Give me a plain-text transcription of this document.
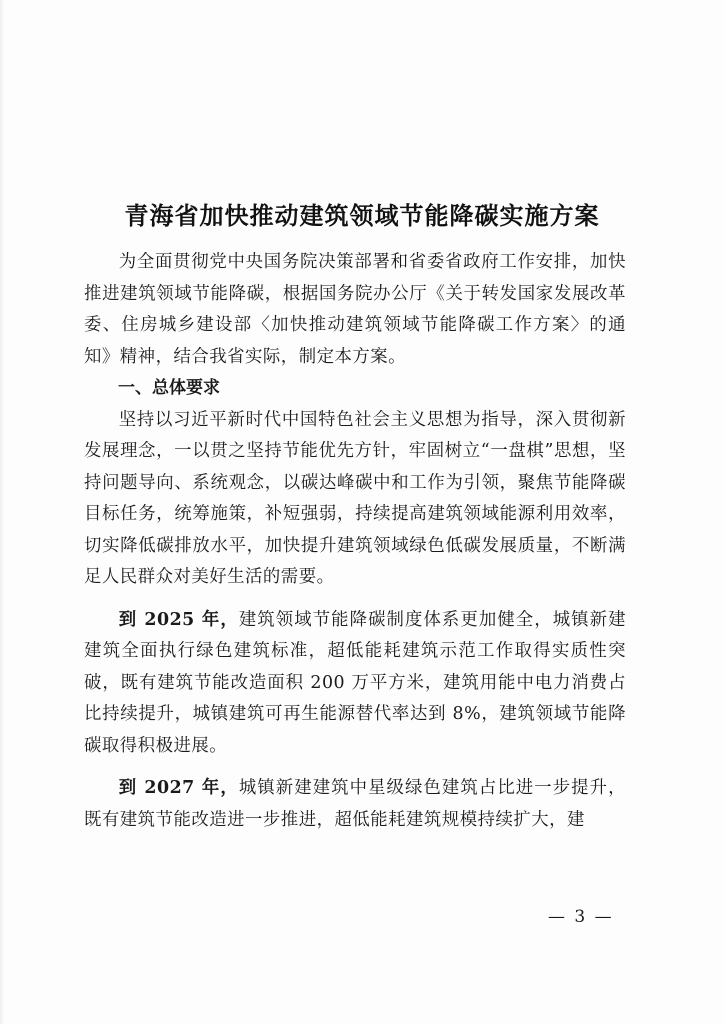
青海省加快推动建筑领域节能降碳实施方案

为全面贯彻党中央国务院决策部署和省委省政府工作安排，加快推进建筑领域节能降碳，根据国务院办公厅《关于转发国家发展改革委、住房城乡建设部〈加快推动建筑领域节能降碳工作方案〉的通知》精神，结合我省实际，制定本方案。

一、总体要求

坚持以习近平新时代中国特色社会主义思想为指导，深入贯彻新发展理念，一以贯之坚持节能优先方针，牢固树立“一盘棋”思想，坚持问题导向、系统观念，以碳达峰碳中和工作为引领，聚焦节能降碳目标任务，统筹施策，补短强弱，持续提高建筑领域能源利用效率，切实降低碳排放水平，加快提升建筑领域绿色低碳发展质量，不断满足人民群众对美好生活的需要。

到 2025 年，建筑领域节能降碳制度体系更加健全，城镇新建建筑全面执行绿色建筑标准，超低能耗建筑示范工作取得实质性突破，既有建筑节能改造面积 200 万平方米，建筑用能中电力消费占比持续提升，城镇建筑可再生能源替代率达到 8%，建筑领域节能降碳取得积极进展。

到 2027 年，城镇新建建筑中星级绿色建筑占比进一步提升，既有建筑节能改造进一步推进，超低能耗建筑规模持续扩大，建

— 3 —
